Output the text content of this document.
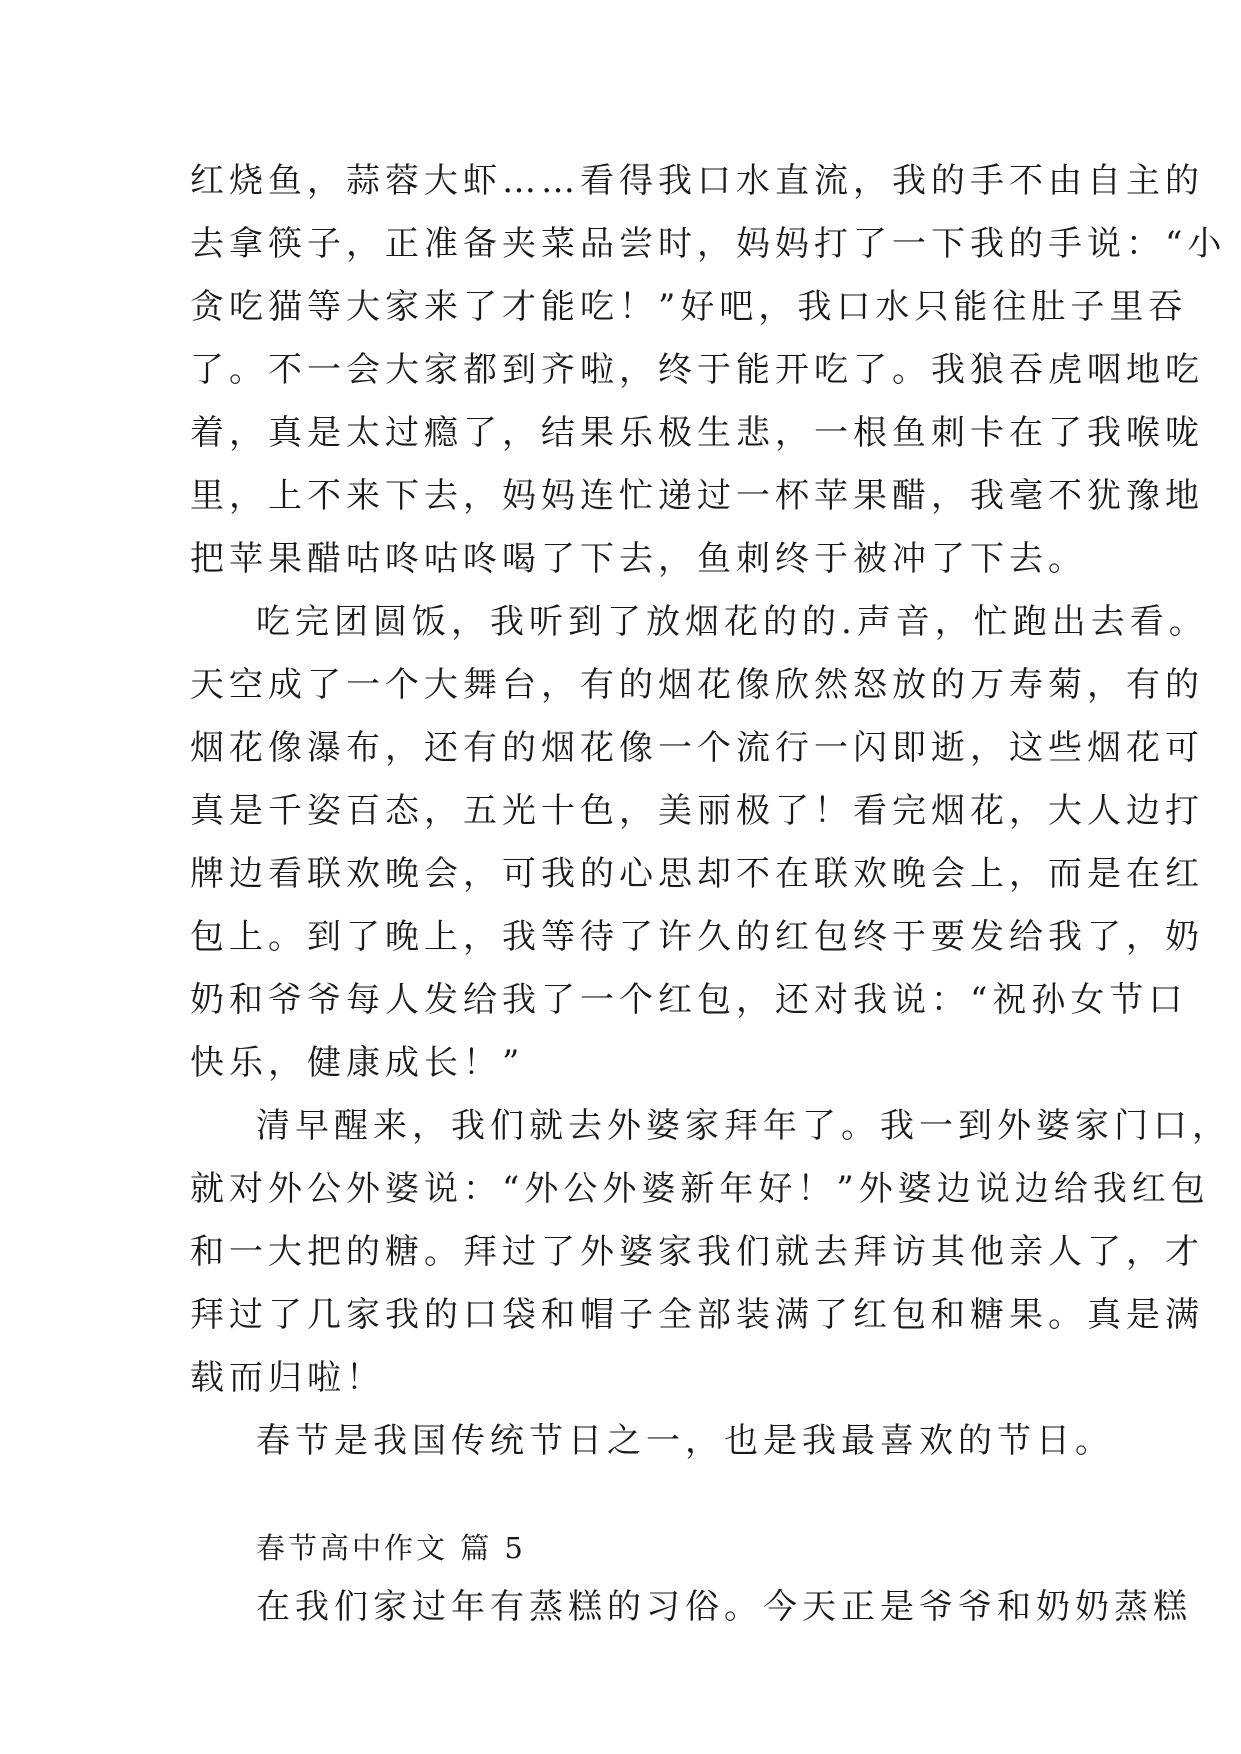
红烧鱼，蒜蓉大虾……看得我口水直流，我的手不由自主的
去拿筷子，正准备夹菜品尝时，妈妈打了一下我的手说：“小
贪吃猫等大家来了才能吃！”好吧，我口水只能往肚子里吞
了。不一会大家都到齐啦，终于能开吃了。我狼吞虎咽地吃
着，真是太过瘾了，结果乐极生悲，一根鱼刺卡在了我喉咙
里，上不来下去，妈妈连忙递过一杯苹果醋，我毫不犹豫地
把苹果醋咕咚咕咚喝了下去，鱼刺终于被冲了下去。
吃完团圆饭，我听到了放烟花的的.声音，忙跑出去看。
天空成了一个大舞台，有的烟花像欣然怒放的万寿菊，有的
烟花像瀑布，还有的烟花像一个流行一闪即逝，这些烟花可
真是千姿百态，五光十色，美丽极了！看完烟花，大人边打
牌边看联欢晚会，可我的心思却不在联欢晚会上，而是在红
包上。到了晚上，我等待了许久的红包终于要发给我了，奶
奶和爷爷每人发给我了一个红包，还对我说：“祝孙女节口
快乐，健康成长！”
清早醒来，我们就去外婆家拜年了。我一到外婆家门口，
就对外公外婆说：“外公外婆新年好！”外婆边说边给我红包
和一大把的糖。拜过了外婆家我们就去拜访其他亲人了，才
拜过了几家我的口袋和帽子全部装满了红包和糖果。真是满
载而归啦！
春节是我国传统节日之一，也是我最喜欢的节日。
春节高中作文 篇 5
在我们家过年有蒸糕的习俗。今天正是爷爷和奶奶蒸糕
